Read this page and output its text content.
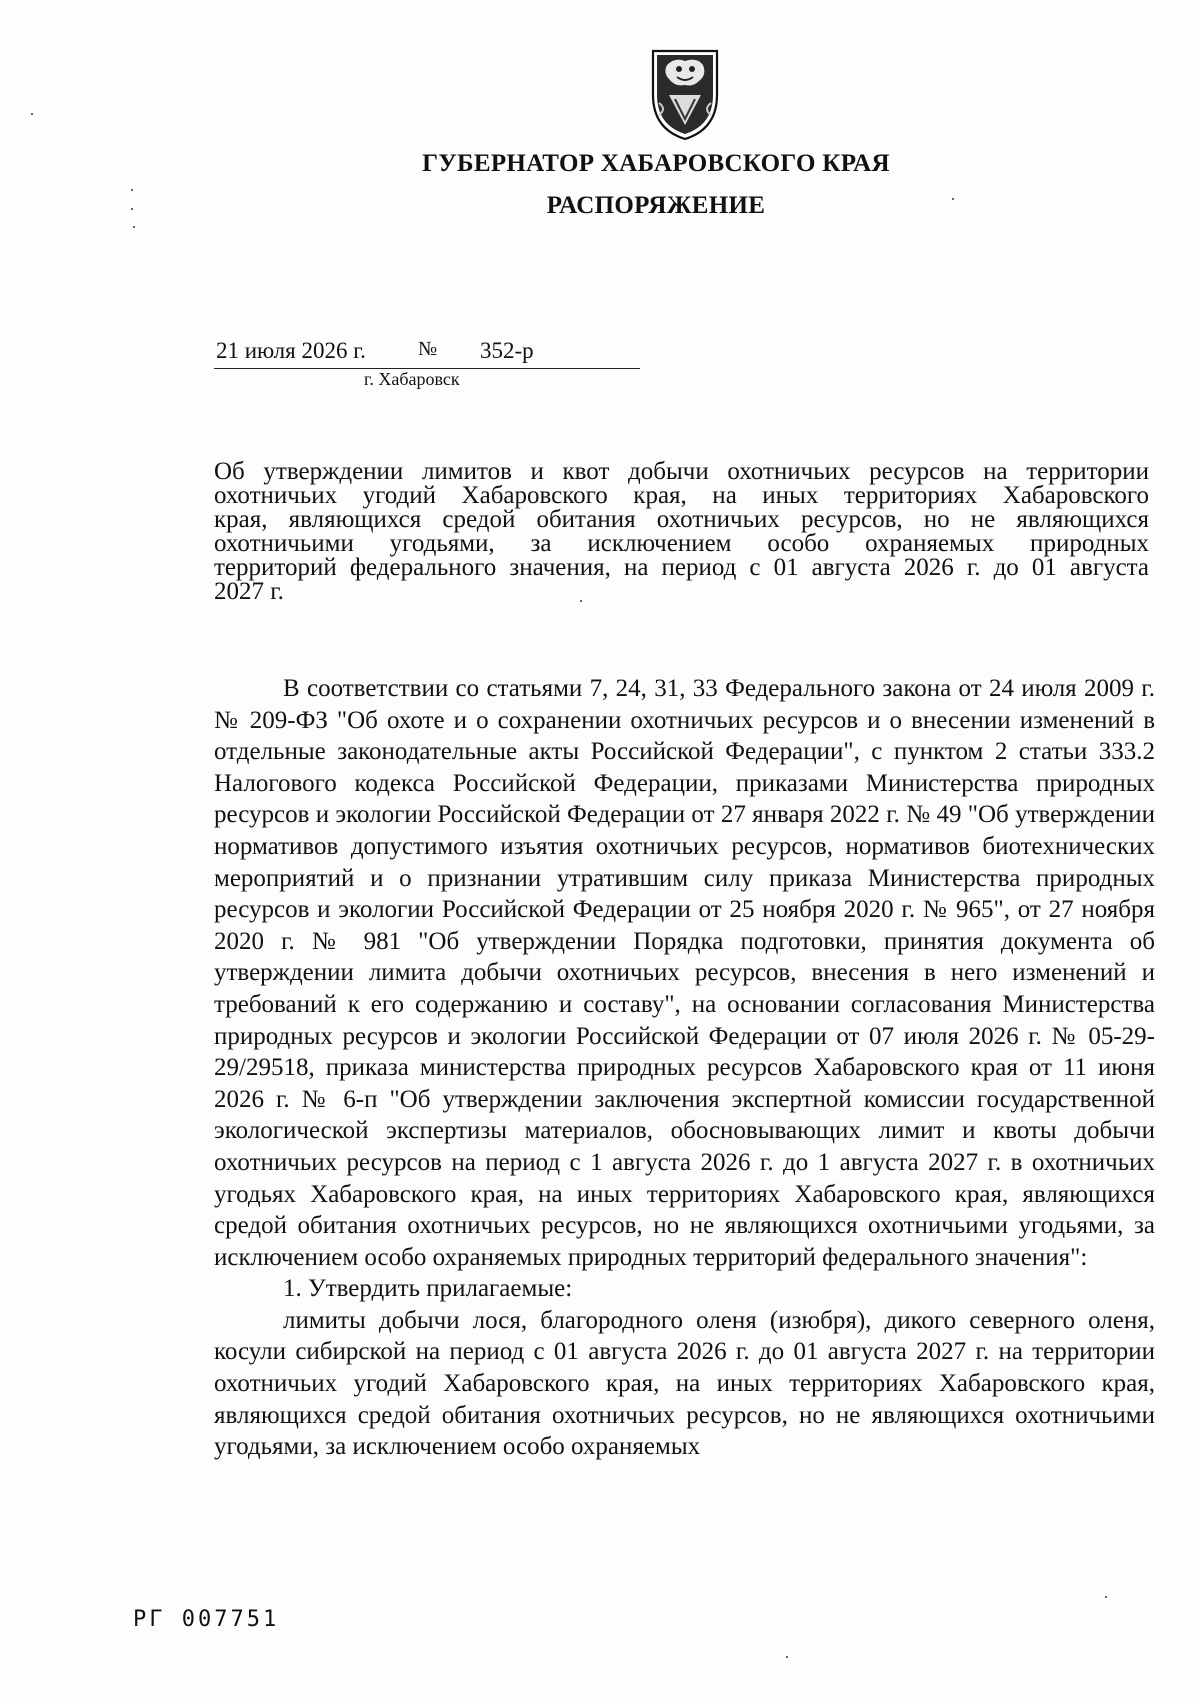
ГУБЕРНАТОР ХАБАРОВСКОГО КРАЯ
РАСПОРЯЖЕНИЕ
21 июля 2026 г.	№ 352-р
г. Хабаровск
Об утверждении лимитов и квот добычи охотничьих ресурсов на территории
охотничьих угодий Хабаровского края, на иных территориях Хабаровского
края, являющихся средой обитания охотничьих ресурсов, но не являющихся
охотничьими угодьями, за исключением особо охраняемых природных
территорий федерального значения, на период с 01 августа 2026 г. до 01 августа
2027 г.

В соответствии со статьями 7, 24, 31, 33 Федерального закона от 24 июля 2009 г. № 209-ФЗ "Об охоте и о сохранении охотничьих ресурсов и о внесении изменений в отдельные законодательные акты Российской Федерации", с пунктом 2 статьи 333.2 Налогового кодекса Российской Федерации, приказами Министерства природных ресурсов и экологии Российской Федерации от 27 января 2022 г. № 49 "Об утверждении нормативов допустимого изъятия охотничьих ресурсов, нормативов биотехнических мероприятий и о признании утратившим силу приказа Министерства природных ресурсов и экологии Российской Федерации от 25 ноября 2020 г. № 965", от 27 ноября 2020 г. № 981 "Об утверждении Порядка подготовки, принятия документа об утверждении лимита добычи охотничьих ресурсов, внесения в него изменений и требований к его содержанию и составу", на основании согласования Министерства природных ресурсов и экологии Российской Федерации от 07 июля 2026 г. № 05-29-29/29518, приказа министерства природных ресурсов Хабаровского края от 11 июня 2026 г. № 6-п "Об утверждении заключения экспертной комиссии государственной экологической экспертизы материалов, обосновывающих лимит и квоты добычи охотничьих ресурсов на период с 1 августа 2026 г. до 1 августа 2027 г. в охотничьих угодьях Хабаровского края, на иных территориях Хабаровского края, являющихся средой обитания охотничьих ресурсов, но не являющихся охотничьими угодьями, за исключением особо охраняемых природных территорий федерального значения":

1. Утвердить прилагаемые:

лимиты добычи лося, благородного оленя (изюбря), дикого северного оленя, косули сибирской на период с 01 августа 2026 г. до 01 августа 2027 г. на территории охотничьих угодий Хабаровского края, на иных территориях Хабаровского края, являющихся средой обитания охотничьих ресурсов, но не являющихся охотничьими угодьями, за исключением особо охраняемых

РГ 007751
